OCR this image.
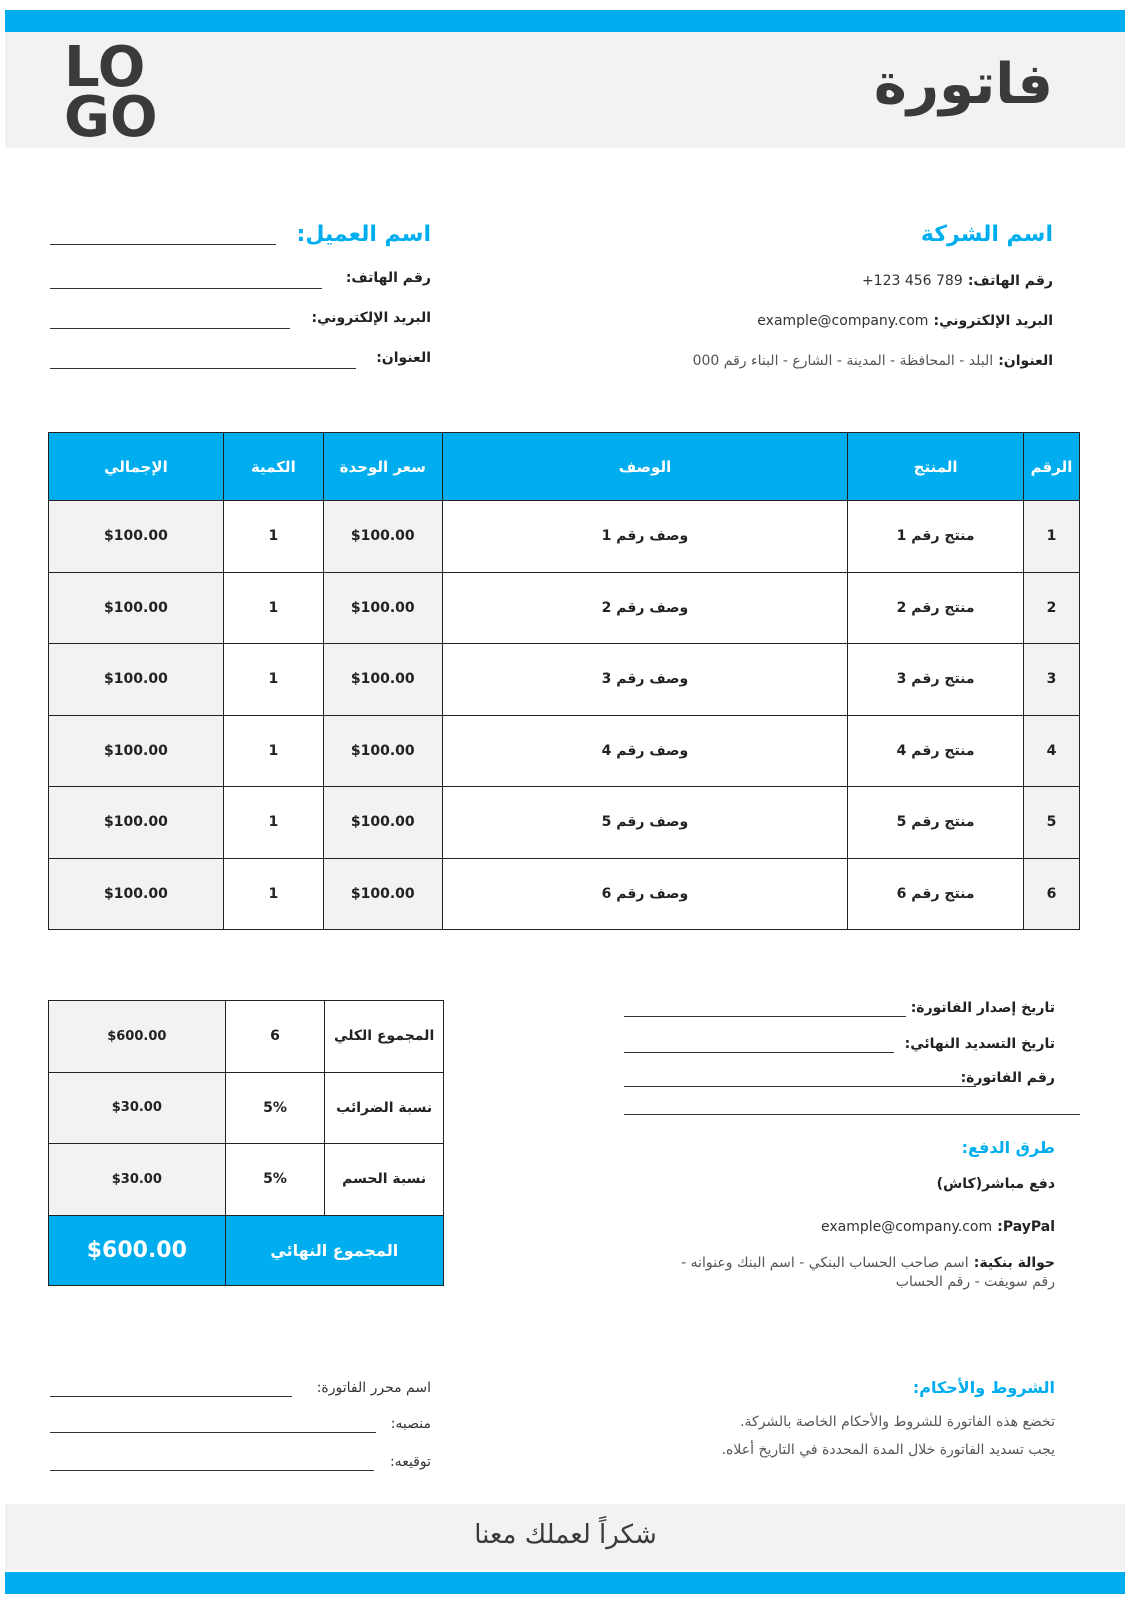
LO
GO
فاتورة
اسم الشركة
رقم الهاتف: +123 456 789
البريد الإلكتروني: example@company.com
العنوان: البلد - المحافظة - المدينة - الشارع - البناء رقم 000
اسم العميل:
رقم الهاتف:
البريد الإلكتروني:
العنوان:
الرقم	المنتج	الوصف	سعر الوحدة	الكمية	الإجمالي
1	منتج رقم 1	وصف رقم 1	$100.00	1	$100.00
2	منتج رقم 2	وصف رقم 2	$100.00	1	$100.00
3	منتج رقم 3	وصف رقم 3	$100.00	1	$100.00
4	منتج رقم 4	وصف رقم 4	$100.00	1	$100.00
5	منتج رقم 5	وصف رقم 5	$100.00	1	$100.00
6	منتج رقم 6	وصف رقم 6	$100.00	1	$100.00
المجموع الكلي	6	$600.00
نسبة الضرائب	5%	$30.00
نسبة الحسم	5%	$30.00
المجموع النهائي		$600.00
تاريخ إصدار الفاتورة:
تاريخ التسديد النهائي:
رقم الفاتورة:
طرق الدفع:
دفع مباشر(كاش)
PayPal: example@company.com
حوالة بنكية: اسم صاحب الحساب البنكي - اسم البنك وعنوانه -
رقم سويفت - رقم الحساب
الشروط والأحكام:
تخضع هذه الفاتورة للشروط والأحكام الخاصة بالشركة.
يجب تسديد الفاتورة خلال المدة المحددة في التاريخ أعلاه.
اسم محرر الفاتورة:
منصبه:
توقيعه:
شكراً لعملك معنا
